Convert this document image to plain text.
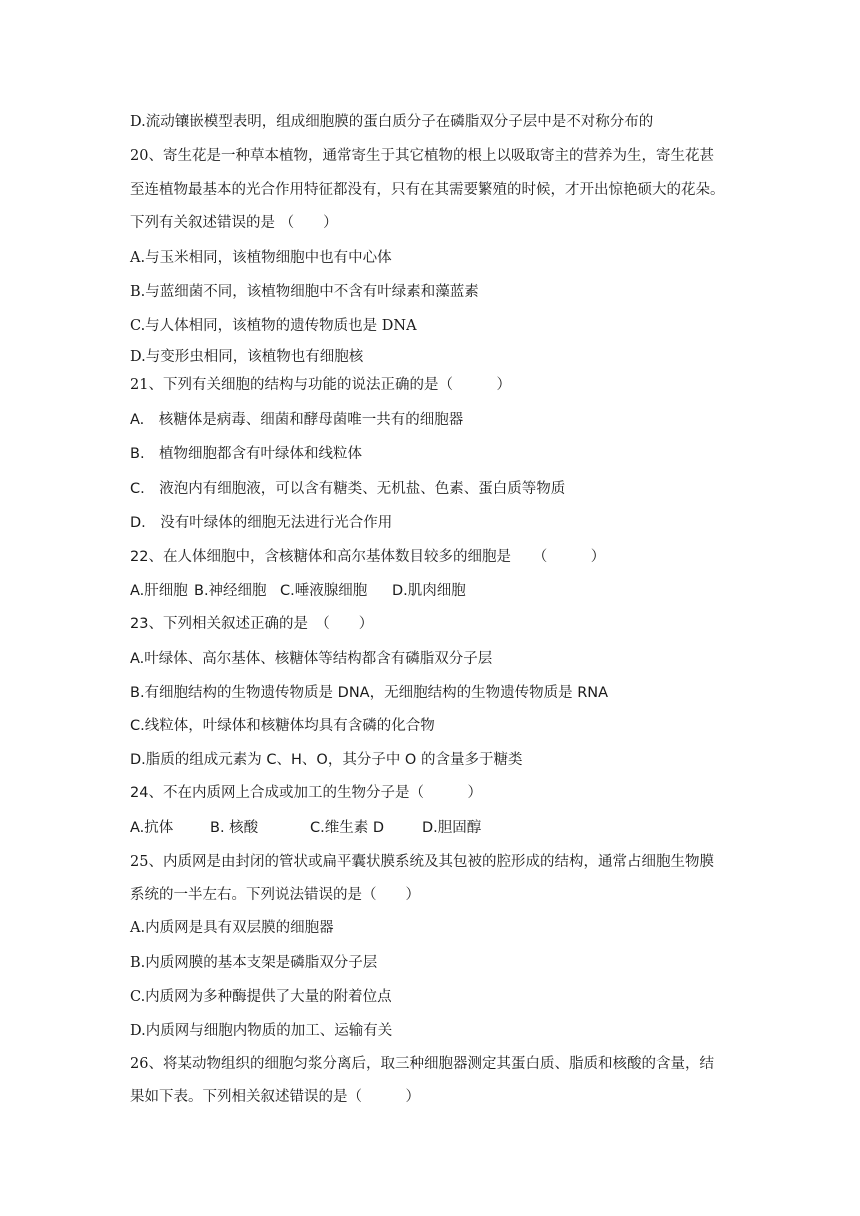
D.流动镶嵌模型表明，组成细胞膜的蛋白质分子在磷脂双分子层中是不对称分布的
20、寄生花是一种草本植物，通常寄生于其它植物的根上以吸取寄主的营养为生，寄生花甚
至连植物最基本的光合作用特征都没有，只有在其需要繁殖的时候，才开出惊艳硕大的花朵。
下列有关叙述错误的是 （　　）
A.与玉米相同，该植物细胞中也有中心体
B.与蓝细菌不同，该植物细胞中不含有叶绿素和藻蓝素
C.与人体相同，该植物的遗传物质也是 DNA
D.与变形虫相同，该植物也有细胞核
21、下列有关细胞的结构与功能的说法正确的是（　　　）
A.　核糖体是病毒、细菌和酵母菌唯一共有的细胞器
B.　植物细胞都含有叶绿体和线粒体
C.　液泡内有细胞液，可以含有糖类、无机盐、色素、蛋白质等物质
D.　没有叶绿体的细胞无法进行光合作用
22、在人体细胞中，含核糖体和高尔基体数目较多的细胞是　　（　　　）
A.肝细胞 B.神经细胞 C.唾液腺细胞 D.肌肉细胞
23、下列相关叙述正确的是　（　　）
A.叶绿体、高尔基体、核糖体等结构都含有磷脂双分子层
B.有细胞结构的生物遗传物质是 DNA，无细胞结构的生物遗传物质是 RNA
C.线粒体，叶绿体和核糖体均具有含磷的化合物
D.脂质的组成元素为 C、H、O，其分子中 O 的含量多于糖类
24、不在内质网上合成或加工的生物分子是（　　　）
A.抗体	B. 核酸	C.维生素 D	D.胆固醇
25、内质网是由封闭的管状或扁平囊状膜系统及其包被的腔形成的结构，通常占细胞生物膜
系统的一半左右。下列说法错误的是（　　）
A.内质网是具有双层膜的细胞器
B.内质网膜的基本支架是磷脂双分子层
C.内质网为多种酶提供了大量的附着位点
D.内质网与细胞内物质的加工、运输有关
26、将某动物组织的细胞匀浆分离后，取三种细胞器测定其蛋白质、脂质和核酸的含量，结
果如下表。下列相关叙述错误的是（　　　）
